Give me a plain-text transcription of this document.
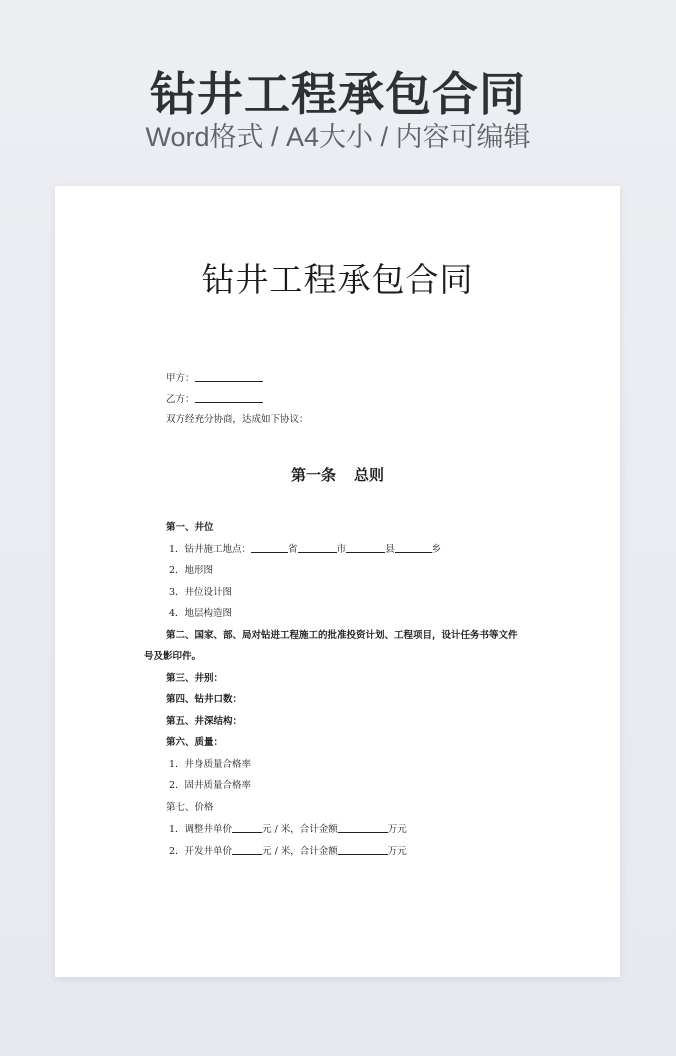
钻井工程承包合同

Word格式 / A4大小 / 内容可编辑

钻井工程承包合同
甲方：
乙方：
双方经充分协商，达成如下协议：

第一条 总则

第一、井位
1．钻井施工地点：	省	市	县	乡
2．地形图
3．井位设计图
4．地层构造图
第二、国家、部、局对钻进工程施工的批准投资计划、工程项目，设计任务书等文件
号及影印件。
第三、井别：
第四、钻井口数：
第五、井深结构：
第六、质量：
1．井身质量合格率
2．固井质量合格率
第七、价格
1．调整井单价	元 / 米，合计金额	万元
2．开发井单价	元 / 米，合计金额	万元
